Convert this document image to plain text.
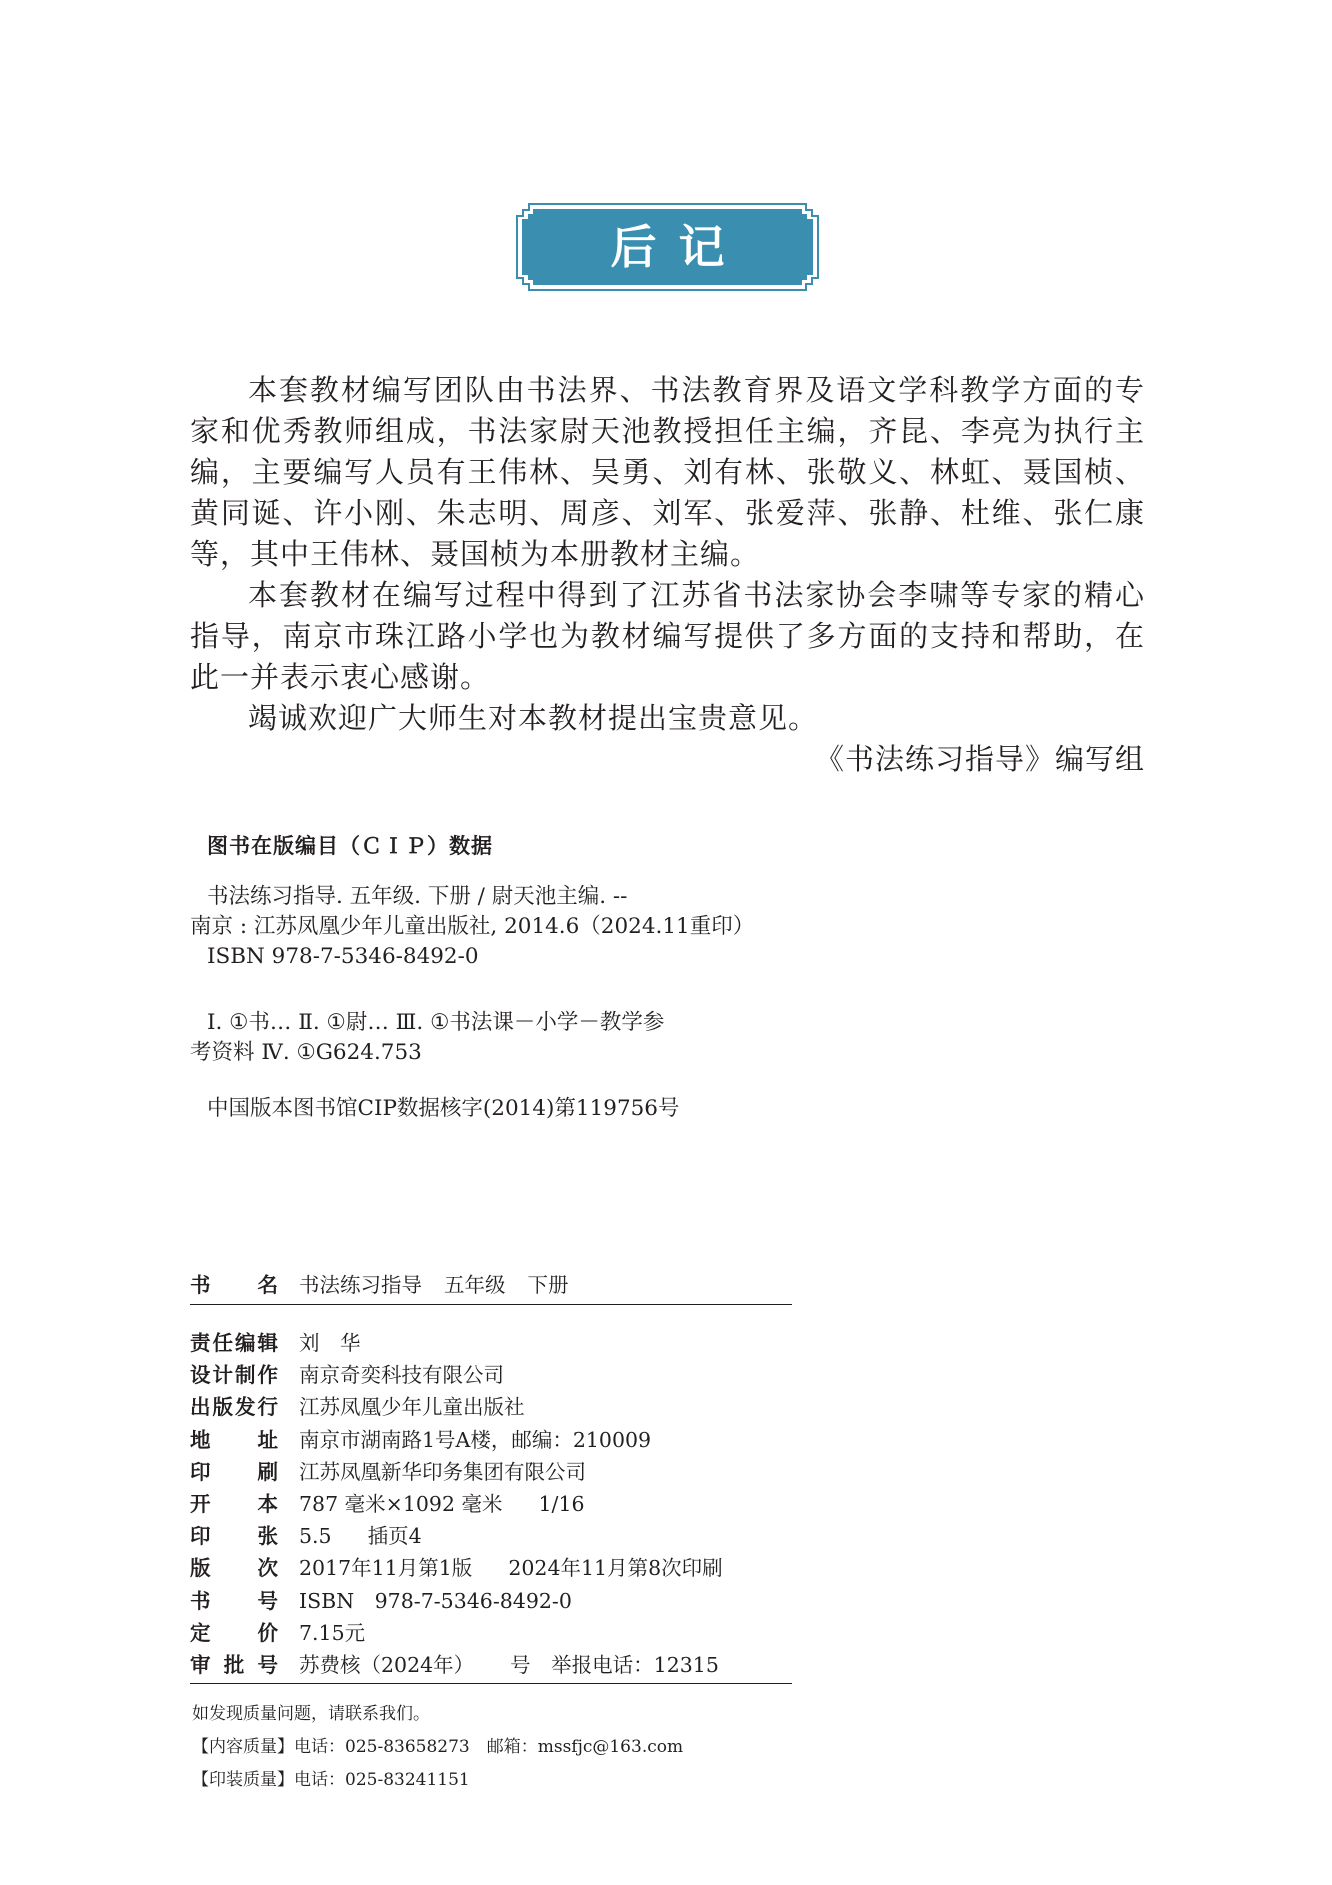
后记

本套教材编写团队由书法界、书法教育界及语文学科教学方面的专家和优秀教师组成，书法家尉天池教授担任主编，齐昆、李亮为执行主编，主要编写人员有王伟林、吴勇、刘有林、张敬义、林虹、聂国桢、黄同诞、许小刚、朱志明、周彦、刘军、张爱萍、张静、杜维、张仁康等，其中王伟林、聂国桢为本册教材主编。

本套教材在编写过程中得到了江苏省书法家协会李啸等专家的精心指导，南京市珠江路小学也为教材编写提供了多方面的支持和帮助，在此一并表示衷心感谢。

竭诚欢迎广大师生对本教材提出宝贵意见。

《书法练习指导》编写组

图书在版编目（ＣＩＰ）数据
书法练习指导. 五年级. 下册 / 尉天池主编. --
南京 : 江苏凤凰少年儿童出版社, 2014.6（2024.11重印）
ISBN 978-7-5346-8492-0
Ⅰ. ①书… Ⅱ. ①尉… Ⅲ. ①书法课－小学－教学参
考资料 Ⅳ. ①G624.753
中国版本图书馆CIP数据核字(2014)第119756号
书 名 书法练习指导 五年级 下册
责 任 编 辑 刘　华
设 计 制 作 南京奇奕科技有限公司
出 版 发 行 江苏凤凰少年儿童出版社
地 址 南京市湖南路1号A楼，邮编：210009
印 刷 江苏凤凰新华印务集团有限公司
开 本 787 毫米×1092 毫米 1/16
印 张 5.5 插页4
版 次 2017年11月第1版 2024年11月第8次印刷
书 号 ISBN　978-7-5346-8492-0
定 价 7.15元
审 批 号 苏费核（2024年） 号　举报电话：12315
如发现质量问题，请联系我们。
【内容质量】电话：025-83658273　邮箱：mssfjc@163.com
【印装质量】电话：025-83241151
